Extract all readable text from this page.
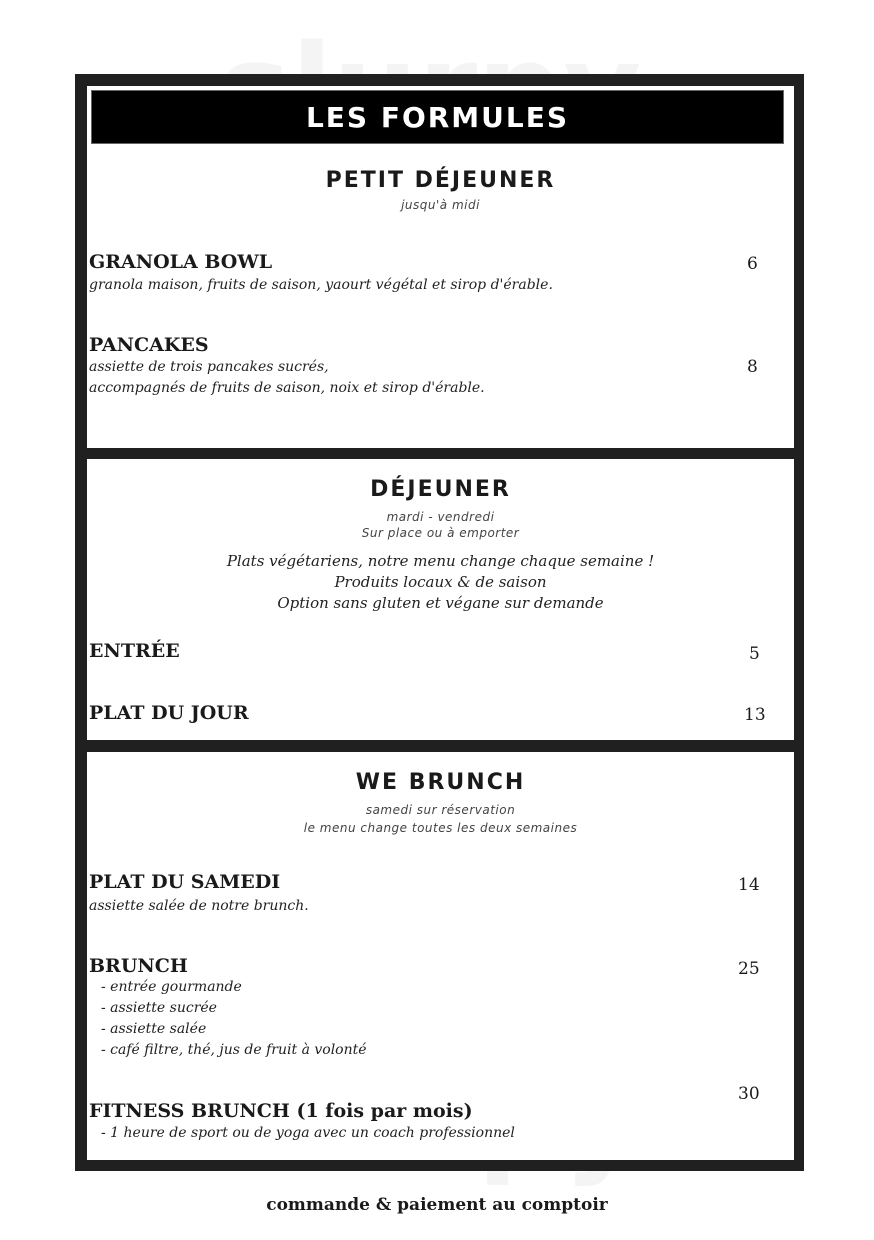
LES FORMULES
PETIT DÉJEUNER
jusqu'à midi
GRANOLA BOWL
granola maison, fruits de saison, yaourt végétal et sirop d'érable.
6
PANCAKES
assiette de trois pancakes sucrés,
accompagnés de fruits de saison, noix et sirop d'érable.
8
DÉJEUNER
mardi - vendredi
Sur place ou à emporter
Plats végétariens, notre menu change chaque semaine !
Produits locaux & de saison
Option sans gluten et végane sur demande
ENTRÉE	5
PLAT DU JOUR	13
WE BRUNCH
samedi sur réservation
le menu change toutes les deux semaines
PLAT DU SAMEDI
assiette salée de notre brunch.
14
BRUNCH	25
- entrée gourmande
- assiette sucrée
- assiette salée
- café filtre, thé, jus de fruit à volonté
FITNESS BRUNCH (1 fois par mois)
- 1 heure de sport ou de yoga avec un coach professionnel
30
commande & paiement au comptoir
